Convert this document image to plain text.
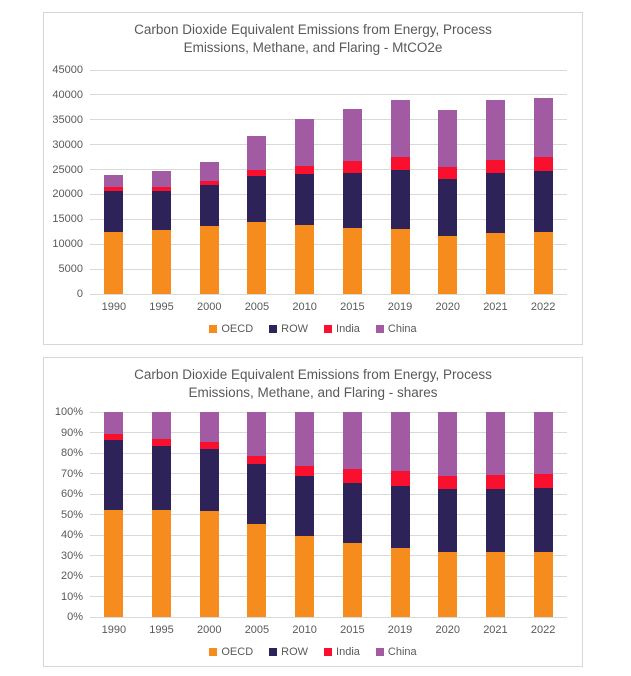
Carbon Dioxide Equivalent Emissions from Energy, Process Emissions, Methane, and Flaring - MtCO2e
0
5000
10000
15000
20000
25000
30000
35000
40000
45000
1990	1995	2000	2005	2010	2015	2019	2020	2021	2022
OECD	ROW	India	China
Carbon Dioxide Equivalent Emissions from Energy, Process Emissions, Methane, and Flaring - shares
0%
10%
20%
30%
40%
50%
60%
70%
80%
90%
100%
1990	1995	2000	2005	2010	2015	2019	2020	2021	2022
OECD	ROW	India	China
